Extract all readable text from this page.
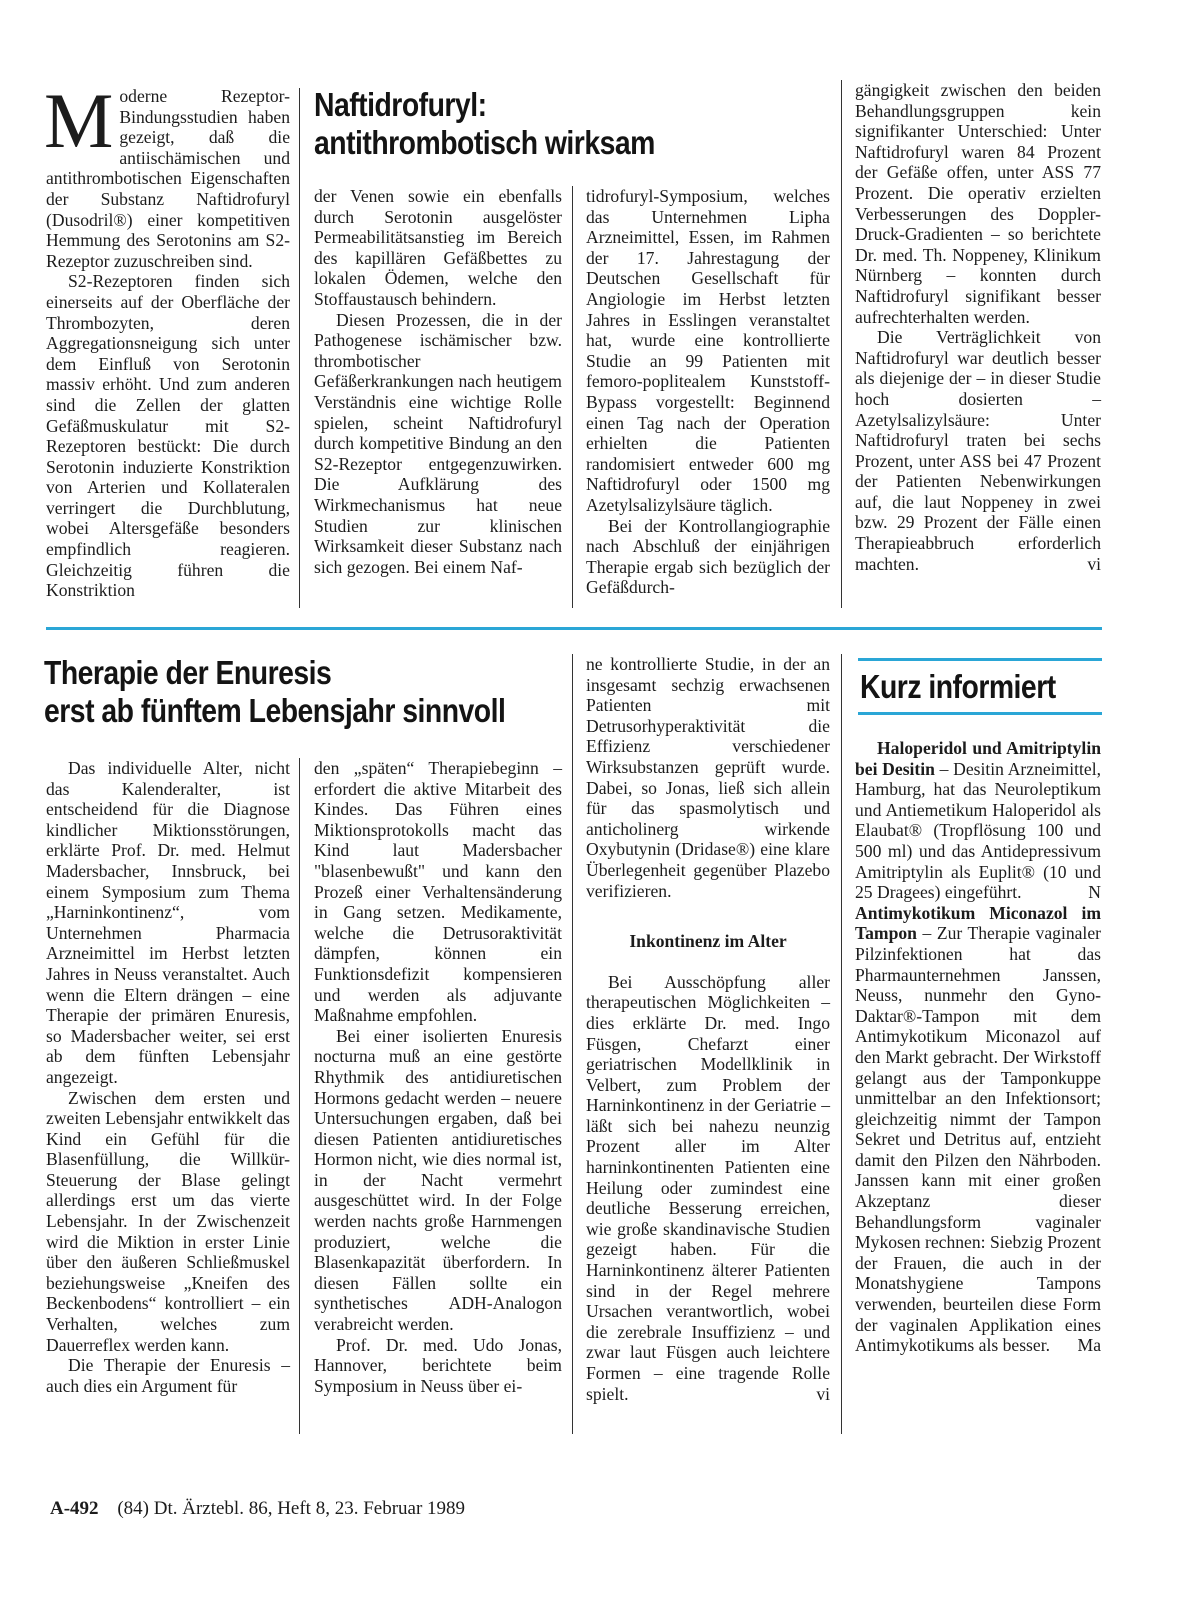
Moderne Rezeptor-Bindungsstudien haben gezeigt, daß die antiischämischen und antithrombotischen Eigenschaften der Substanz Naftidrofuryl (Dusodril®) einer kompetitiven Hemmung des Serotonins am S2-Rezeptor zuzuschreiben sind.

S2-Rezeptoren finden sich einerseits auf der Oberfläche der Thrombozyten, deren Aggregationsneigung sich unter dem Einfluß von Serotonin massiv erhöht. Und zum anderen sind die Zellen der glatten Gefäßmuskulatur mit S2-Rezeptoren bestückt: Die durch Serotonin induzierte Konstriktion von Arterien und Kollateralen verringert die Durchblutung, wobei Altersgefäße besonders empfindlich reagieren. Gleichzeitig führen die Konstriktion

Naftidrofuryl:
antithrombotisch wirksam

der Venen sowie ein ebenfalls durch Serotonin ausgelöster Permeabilitätsanstieg im Bereich des kapillären Gefäßbettes zu lokalen Ödemen, welche den Stoffaustausch behindern.

Diesen Prozessen, die in der Pathogenese ischämischer bzw. thrombotischer Gefäßerkrankungen nach heutigem Verständnis eine wichtige Rolle spielen, scheint Naftidrofuryl durch kompetitive Bindung an den S2-Rezeptor entgegenzuwirken. Die Aufklärung des Wirkmechanismus hat neue Studien zur klinischen Wirksamkeit dieser Substanz nach sich gezogen. Bei einem Naf-

tidrofuryl-Symposium, welches das Unternehmen Lipha Arzneimittel, Essen, im Rahmen der 17. Jahrestagung der Deutschen Gesellschaft für Angiologie im Herbst letzten Jahres in Esslingen veranstaltet hat, wurde eine kontrollierte Studie an 99 Patienten mit femoro-poplitealem Kunststoff-Bypass vorgestellt: Beginnend einen Tag nach der Operation erhielten die Patienten randomisiert entweder 600 mg Naftidrofuryl oder 1500 mg Azetylsalizylsäure täglich.

Bei der Kontrollangiographie nach Abschluß der einjährigen Therapie ergab sich bezüglich der Gefäßdurch-

gängigkeit zwischen den beiden Behandlungsgruppen kein signifikanter Unterschied: Unter Naftidrofuryl waren 84 Prozent der Gefäße offen, unter ASS 77 Prozent. Die operativ erzielten Verbesserungen des Doppler-Druck-Gradienten – so berichtete Dr. med. Th. Noppeney, Klinikum Nürnberg – konnten durch Naftidrofuryl signifikant besser aufrechterhalten werden.

Die Verträglichkeit von Naftidrofuryl war deutlich besser als diejenige der – in dieser Studie hoch dosierten – Azetylsalizylsäure: Unter Naftidrofuryl traten bei sechs Prozent, unter ASS bei 47 Prozent der Patienten Nebenwirkungen auf, die laut Noppeney in zwei bzw. 29 Prozent der Fälle einen Therapieabbruch erforderlich machten.	vi

Therapie der Enuresis
erst ab fünftem Lebensjahr sinnvoll

Das individuelle Alter, nicht das Kalenderalter, ist entscheidend für die Diagnose kindlicher Miktionsstörungen, erklärte Prof. Dr. med. Helmut Madersbacher, Innsbruck, bei einem Symposium zum Thema „Harninkontinenz“, vom Unternehmen Pharmacia Arzneimittel im Herbst letzten Jahres in Neuss veranstaltet. Auch wenn die Eltern drängen – eine Therapie der primären Enuresis, so Madersbacher weiter, sei erst ab dem fünften Lebensjahr angezeigt.

Zwischen dem ersten und zweiten Lebensjahr entwikkelt das Kind ein Gefühl für die Blasenfüllung, die Willkür-Steuerung der Blase gelingt allerdings erst um das vierte Lebensjahr. In der Zwischenzeit wird die Miktion in erster Linie über den äußeren Schließmuskel beziehungsweise „Kneifen des Beckenbodens“ kontrolliert – ein Verhalten, welches zum Dauerreflex werden kann.

Die Therapie der Enuresis – auch dies ein Argument für

den „späten“ Therapiebeginn – erfordert die aktive Mitarbeit des Kindes. Das Führen eines Miktionsprotokolls macht das Kind laut Madersbacher "blasenbewußt" und kann den Prozeß einer Verhaltensänderung in Gang setzen. Medikamente, welche die Detrusoraktivität dämpfen, können ein Funktionsdefizit kompensieren und werden als adjuvante Maßnahme empfohlen.

Bei einer isolierten Enuresis nocturna muß an eine gestörte Rhythmik des antidiuretischen Hormons gedacht werden – neuere Untersuchungen ergaben, daß bei diesen Patienten antidiuretisches Hormon nicht, wie dies normal ist, in der Nacht vermehrt ausgeschüttet wird. In der Folge werden nachts große Harnmengen produziert, welche die Blasenkapazität überfordern. In diesen Fällen sollte ein synthetisches ADH-Analogon verabreicht werden.

Prof. Dr. med. Udo Jonas, Hannover, berichtete beim Symposium in Neuss über ei-

ne kontrollierte Studie, in der an insgesamt sechzig erwachsenen Patienten mit Detrusorhyperaktivität die Effizienz verschiedener Wirksubstanzen geprüft wurde. Dabei, so Jonas, ließ sich allein für das spasmolytisch und anticholinerg wirkende Oxybutynin (Dridase®) eine klare Überlegenheit gegenüber Plazebo verifizieren.

Inkontinenz im Alter

Bei Ausschöpfung aller therapeutischen Möglichkeiten – dies erklärte Dr. med. Ingo Füsgen, Chefarzt einer geriatrischen Modellklinik in Velbert, zum Problem der Harninkontinenz in der Geriatrie – läßt sich bei nahezu neunzig Prozent aller im Alter harninkontinenten Patienten eine Heilung oder zumindest eine deutliche Besserung erreichen, wie große skandinavische Studien gezeigt haben. Für die Harninkontinenz älterer Patienten sind in der Regel mehrere Ursachen verantwortlich, wobei die zerebrale Insuffizienz – und zwar laut Füsgen auch leichtere Formen – eine tragende Rolle spielt.	vi

Kurz informiert

Haloperidol und Amitriptylin bei Desitin – Desitin Arzneimittel, Hamburg, hat das Neuroleptikum und Antiemetikum Haloperidol als Elaubat® (Tropflösung 100 und 500 ml) und das Antidepressivum Amitriptylin als Euplit® (10 und 25 Dragees) eingeführt.	N

Antimykotikum Miconazol im Tampon – Zur Therapie vaginaler Pilzinfektionen hat das Pharmaunternehmen Janssen, Neuss, nunmehr den Gyno-Daktar®-Tampon mit dem Antimykotikum Miconazol auf den Markt gebracht. Der Wirkstoff gelangt aus der Tamponkuppe unmittelbar an den Infektionsort; gleichzeitig nimmt der Tampon Sekret und Detritus auf, entzieht damit den Pilzen den Nährboden. Janssen kann mit einer großen Akzeptanz dieser Behandlungsform vaginaler Mykosen rechnen: Siebzig Prozent der Frauen, die auch in der Monatshygiene Tampons verwenden, beurteilen diese Form der vaginalen Applikation eines Antimykotikums als besser. Ma

A-492 (84) Dt. Ärztebl. 86, Heft 8, 23. Februar 1989
